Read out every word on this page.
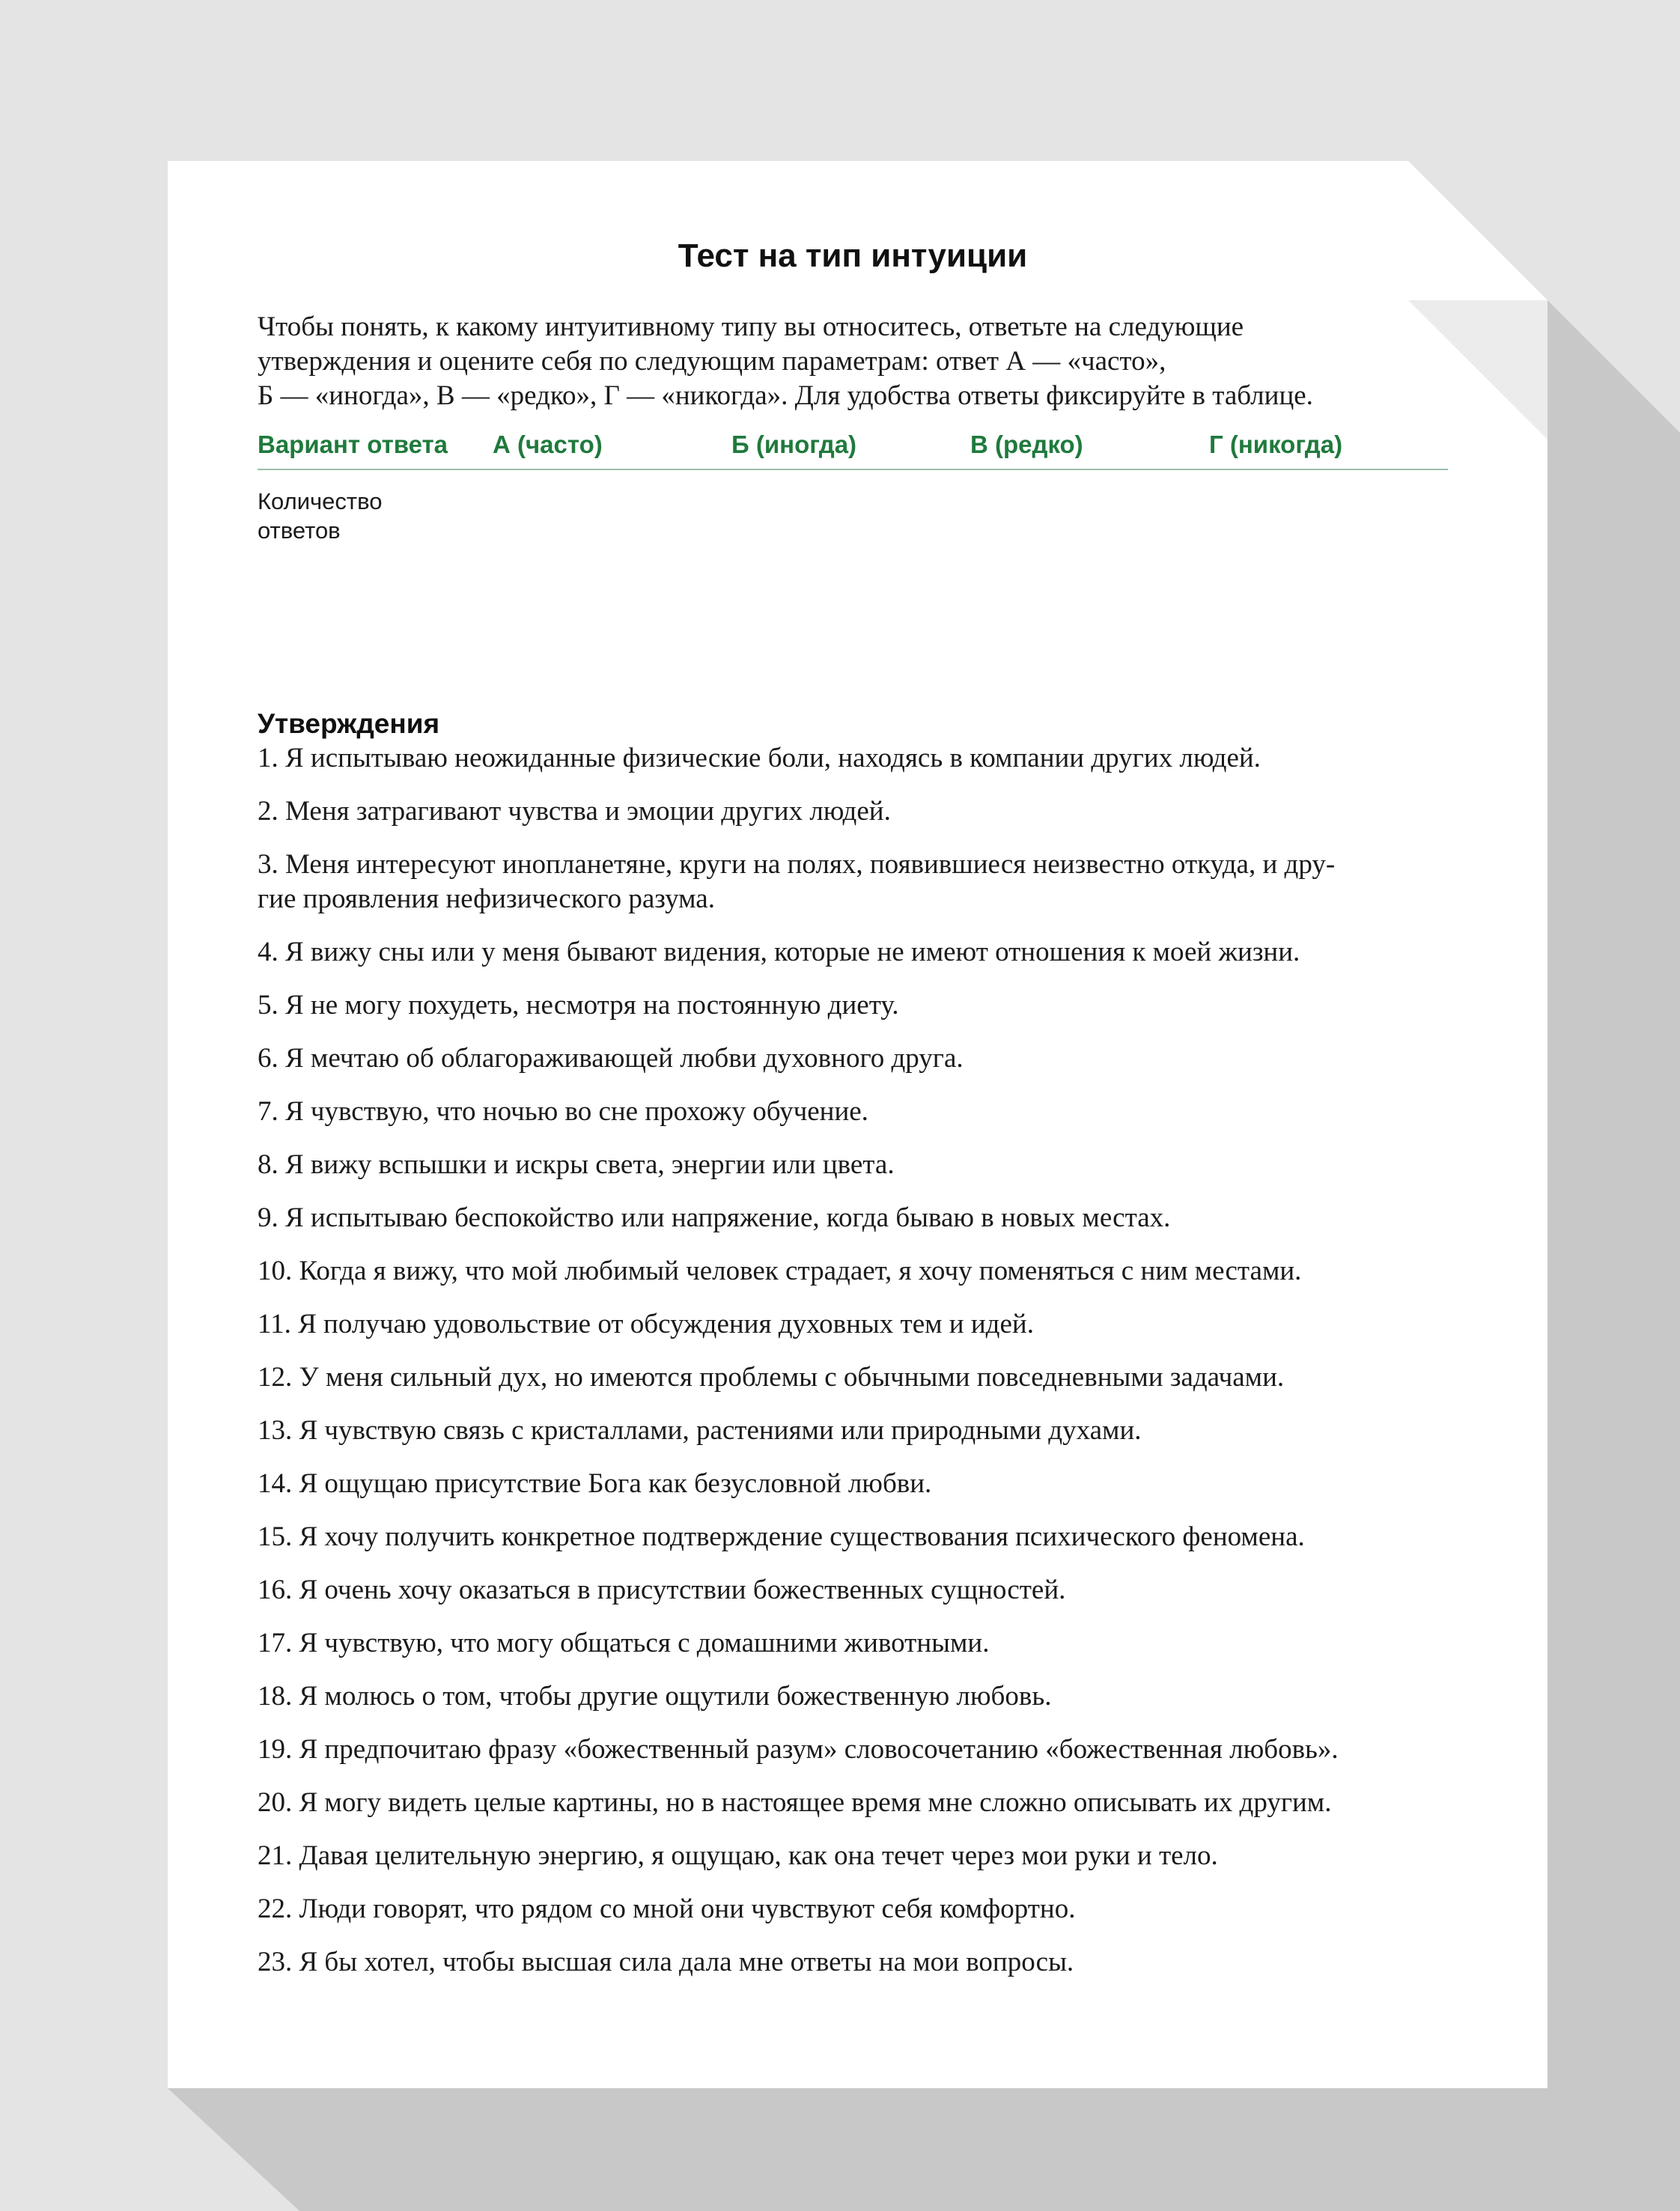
Тест на тип интуиции

Чтобы понять, к какому интуитивному типу вы относитесь, ответьте на следующие
утверждения и оцените себя по следующим параметрам: ответ А — «часто»,
Б — «иногда», В — «редко», Г — «никогда». Для удобства ответы фиксируйте в таблице.

Вариант ответа	А (часто)	Б (иногда)	В (редко)	Г (никогда)

Количество
ответов				

Утверждения
1. Я испытываю неожиданные физические боли, находясь в компании других людей.
2. Меня затрагивают чувства и эмоции других людей.
3. Меня интересуют инопланетяне, круги на полях, появившиеся неизвестно откуда, и дру-
гие проявления нефизического разума.
4. Я вижу сны или у меня бывают видения, которые не имеют отношения к моей жизни.
5. Я не могу похудеть, несмотря на постоянную диету.
6. Я мечтаю об облагораживающей любви духовного друга.
7. Я чувствую, что ночью во сне прохожу обучение.
8. Я вижу вспышки и искры света, энергии или цвета.
9. Я испытываю беспокойство или напряжение, когда бываю в новых местах.
10. Когда я вижу, что мой любимый человек страдает, я хочу поменяться с ним местами.
11. Я получаю удовольствие от обсуждения духовных тем и идей.
12. У меня сильный дух, но имеются проблемы с обычными повседневными задачами.
13. Я чувствую связь с кристаллами, растениями или природными духами.
14. Я ощущаю присутствие Бога как безусловной любви.
15. Я хочу получить конкретное подтверждение существования психического феномена.
16. Я очень хочу оказаться в присутствии божественных сущностей.
17. Я чувствую, что могу общаться с домашними животными.
18. Я молюсь о том, чтобы другие ощутили божественную любовь.
19. Я предпочитаю фразу «божественный разум» словосочетанию «божественная любовь».
20. Я могу видеть целые картины, но в настоящее время мне сложно описывать их другим.
21. Давая целительную энергию, я ощущаю, как она течет через мои руки и тело.
22. Люди говорят, что рядом со мной они чувствуют себя комфортно.
23. Я бы хотел, чтобы высшая сила дала мне ответы на мои вопросы.
